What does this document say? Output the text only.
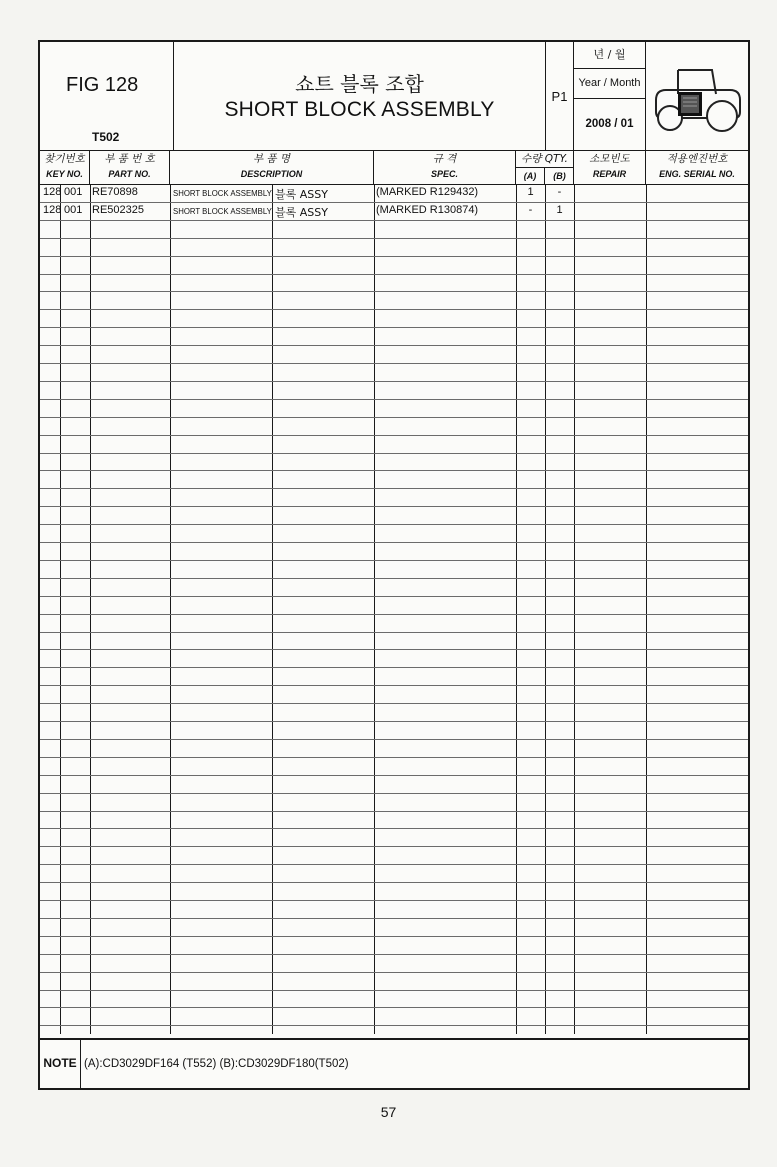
FIG 128
T502
쇼트 블록 조합
SHORT BLOCK ASSEMBLY
P1
년 / 월
Year / Month
2008 / 01
찾기번호
KEY NO.
부 품 번 호
PART NO.
부 품 명
DESCRIPTION
규 격
SPEC.
수량 QTY.
(A)	(B)
소모빈도
REPAIR
적용엔진번호
ENG. SERIAL NO.
128 001 RE70898	SHORT BLOCK ASSEMBLY 블록 ASSY	(MARKED R129432)	1	-
128 001 RE502325	SHORT BLOCK ASSEMBLY 블록 ASSY	(MARKED R130874)	-	1
NOTE (A):CD3029DF164 (T552) (B):CD3029DF180(T502)
57
